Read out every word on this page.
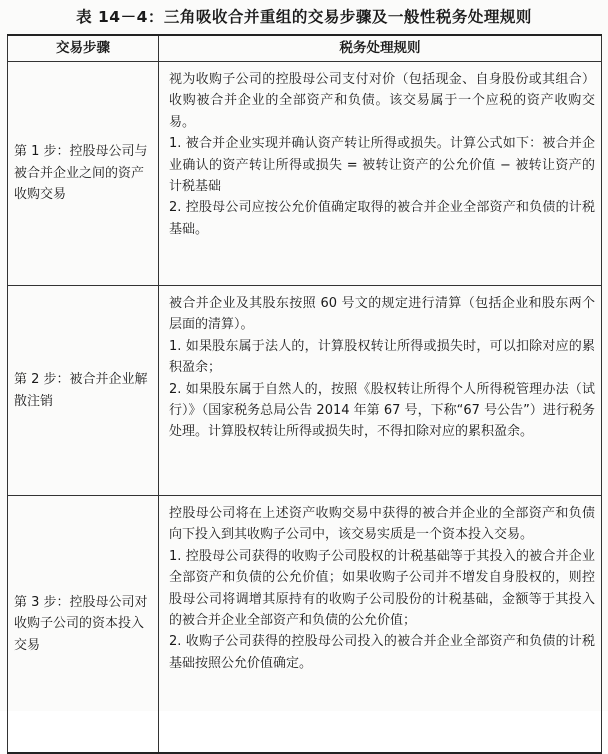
表 14－4：三角吸收合并重组的交易步骤及一般性税务处理规则
交易步骤	税务处理规则
第 1 步：控股母公司与被合并企业之间的资产收购交易	视为收购子公司的控股母公司支付对价（包括现金、自身股份或其组合）收购被合并企业的全部资产和负债。该交易属于一个应税的资产收购交易。

1. 被合并企业实现并确认资产转让所得或损失。计算公式如下：被合并企业确认的资产转让所得或损失 = 被转让资产的公允价值 − 被转让资产的计税基础

2. 控股母公司应按公允价值确定取得的被合并企业全部资产和负债的计税基础。

第 2 步：被合并企业解散注销	被合并企业及其股东按照 60 号文的规定进行清算（包括企业和股东两个层面的清算）。

1. 如果股东属于法人的，计算股权转让所得或损失时，可以扣除对应的累积盈余；

2. 如果股东属于自然人的，按照《股权转让所得个人所得税管理办法（试行）》（国家税务总局公告 2014 年第 67 号，下称“67 号公告”）进行税务处理。计算股权转让所得或损失时，不得扣除对应的累积盈余。

第 3 步：控股母公司对收购子公司的资本投入交易	控股母公司将在上述资产收购交易中获得的被合并企业的全部资产和负债向下投入到其收购子公司中，该交易实质是一个资本投入交易。

1. 控股母公司获得的收购子公司股权的计税基础等于其投入的被合并企业全部资产和负债的公允价值；如果收购子公司并不增发自身股权的，则控股母公司将调增其原持有的收购子公司股份的计税基础，金额等于其投入的被合并企业全部资产和负债的公允价值；

2. 收购子公司获得的控股母公司投入的被合并企业全部资产和负债的计税基础按照公允价值确定。
